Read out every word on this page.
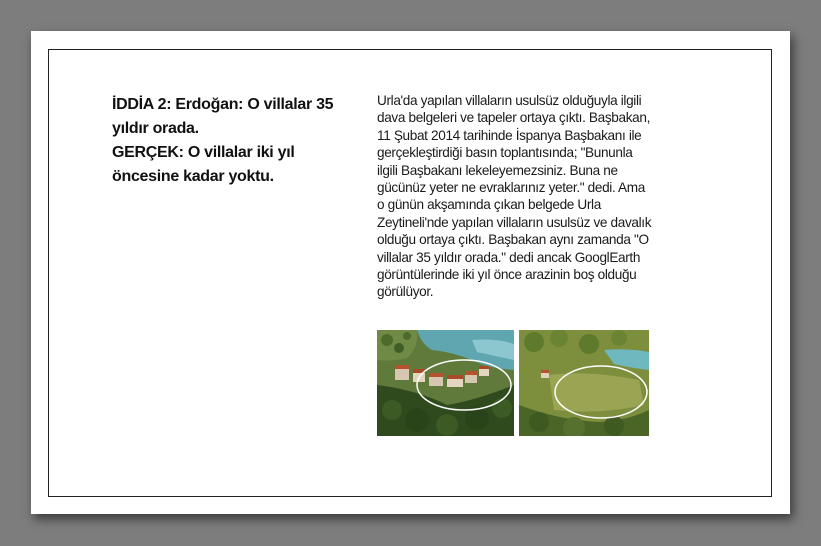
İDDİA 2: Erdoğan: O villalar 35 yıldır orada.

GERÇEK: O villalar iki yıl öncesine kadar yoktu.

Urla'da yapılan villaların usulsüz olduğuyla ilgili
dava belgeleri ve tapeler ortaya çıktı. Başbakan,
11 Şubat 2014 tarihinde İspanya Başbakanı ile
gerçekleştirdiği basın toplantısında; "Bununla
ilgili Başbakanı lekeleyemezsiniz. Buna ne
gücünüz yeter ne evraklarınız yeter." dedi. Ama
o günün akşamında çıkan belgede Urla
Zeytineli'nde yapılan villaların usulsüz ve davalık
olduğu ortaya çıktı. Başbakan aynı zamanda "O
villalar 35 yıldır orada." dedi ancak GooglEarth
görüntülerinde iki yıl önce arazinin boş olduğu
görülüyor.
